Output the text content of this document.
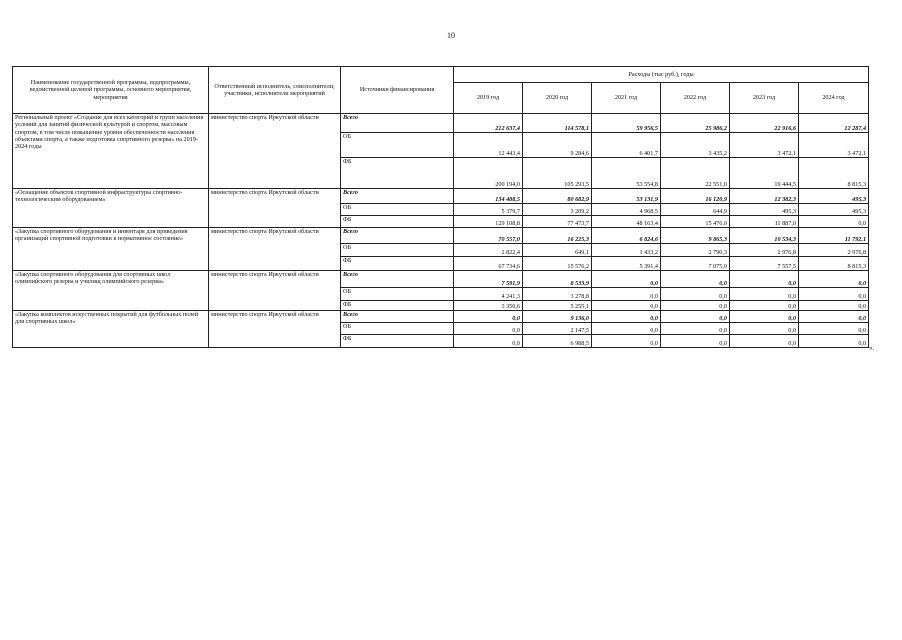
10
Наименование государственной программы, подпрограммы, ведомственной целевой программы, основного мероприятия, мероприятия	Ответственный исполнитель, соисполнители, участники, исполнители мероприятий	Источники финансирования	Расходы (тыс руб.), годы					
			2019 год	2020 год	2021 год	2022 год	2023 год	2024 год
Региональный проект «Создание для всех категорий и групп населения условий для занятий физической культурой и спортом, массовым спортом, в том числе повышение уровня обеспеченности населения объектами спорта, а также подготовка спортивного резерва» на 2019-2024 годы	министерство спорта Иркутской области	Всего	212 637,4	114 578,1	59 956,5	25 986,2	22 916,6	12 287,4
		ОБ	12 443,4	9 284,6	6 401,7	3 435,2	3 472,1	3 472,1
		ФБ	200 194,0	105 293,5	53 554,8	22 551,0	19 444,5	8 815,3
«Оснащение объектов спортивной инфраструктуры спортивно-технологическим оборудованием»	министерство спорта Иркутской области	Всего	134 488,5	80 682,9	53 131,9	16 120,9	12 382,3	495,3
		ОБ	5 379,7	3 209,2	4 968,5	644,9	495,3	495,3
		ФБ	129 108,8	77 473,7	48 163,4	15 476,0	11 887,0	0,0
«Закупка спортивного оборудования и инвентаря для приведения организаций спортивной подготовки в нормативное состояние»	министерство спорта Иркутской области	Всего	70 557,0	16 225,3	6 824,6	9 865,3	10 534,3	11 792,1
		ОБ	2 822,4	649,1	1 433,2	2 790,3	2 976,8	2 976,8
		ФБ	67 734,6	15 576,2	5 391,4	7 075,0	7 557,5	8 815,3
«Закупка спортивного оборудования для спортивных школ олимпийского резерва и училищ олимпийского резерва»	министерство спорта Иркутской области	Всего	7 591,9	8 533,9	0,0	0,0	0,0	0,0
		ОБ	4 241,3	3 278,8	0,0	0,0	0,0	0,0
		ФБ	3 350,6	5 255,1	0,0	0,0	0,0	0,0
«Закупка комплектов искуственных покрытий для футбольных полей для спортивных школ»	министерство спорта Иркутской области	Всего	0,0	9 136,0	0,0	0,0	0,0	0,0
		ОБ	0,0	2 147,5	0,0	0,0	0,0	0,0
		ФБ	0,0	6 988,5	0,0	0,0	0,0	0,0
».
